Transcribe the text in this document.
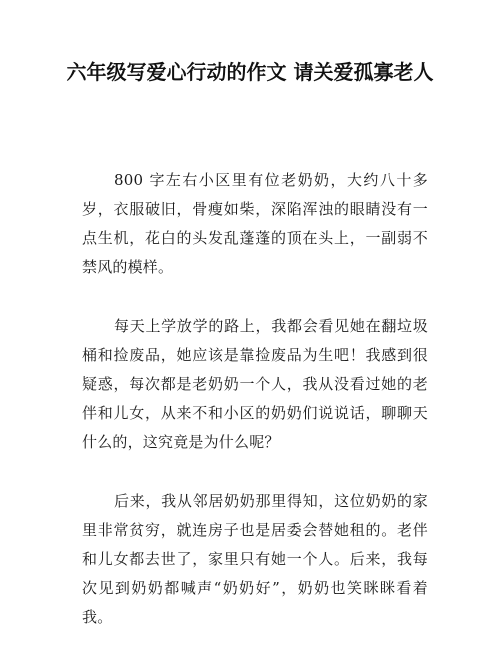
六年级写爱心行动的作文 请关爱孤寡老人

800 字左右小区里有位老奶奶，大约八十多岁，衣服破旧，骨瘦如柴，深陷浑浊的眼睛没有一点生机，花白的头发乱蓬蓬的顶在头上，一副弱不禁风的模样。

每天上学放学的路上，我都会看见她在翻垃圾桶和捡废品，她应该是靠捡废品为生吧！我感到很疑惑，每次都是老奶奶一个人，我从没看过她的老伴和儿女，从来不和小区的奶奶们说说话，聊聊天什么的，这究竟是为什么呢？

后来，我从邻居奶奶那里得知，这位奶奶的家里非常贫穷，就连房子也是居委会替她租的。老伴和儿女都去世了，家里只有她一个人。后来，我每次见到奶奶都喊声“奶奶好”，奶奶也笑眯眯看着我。
